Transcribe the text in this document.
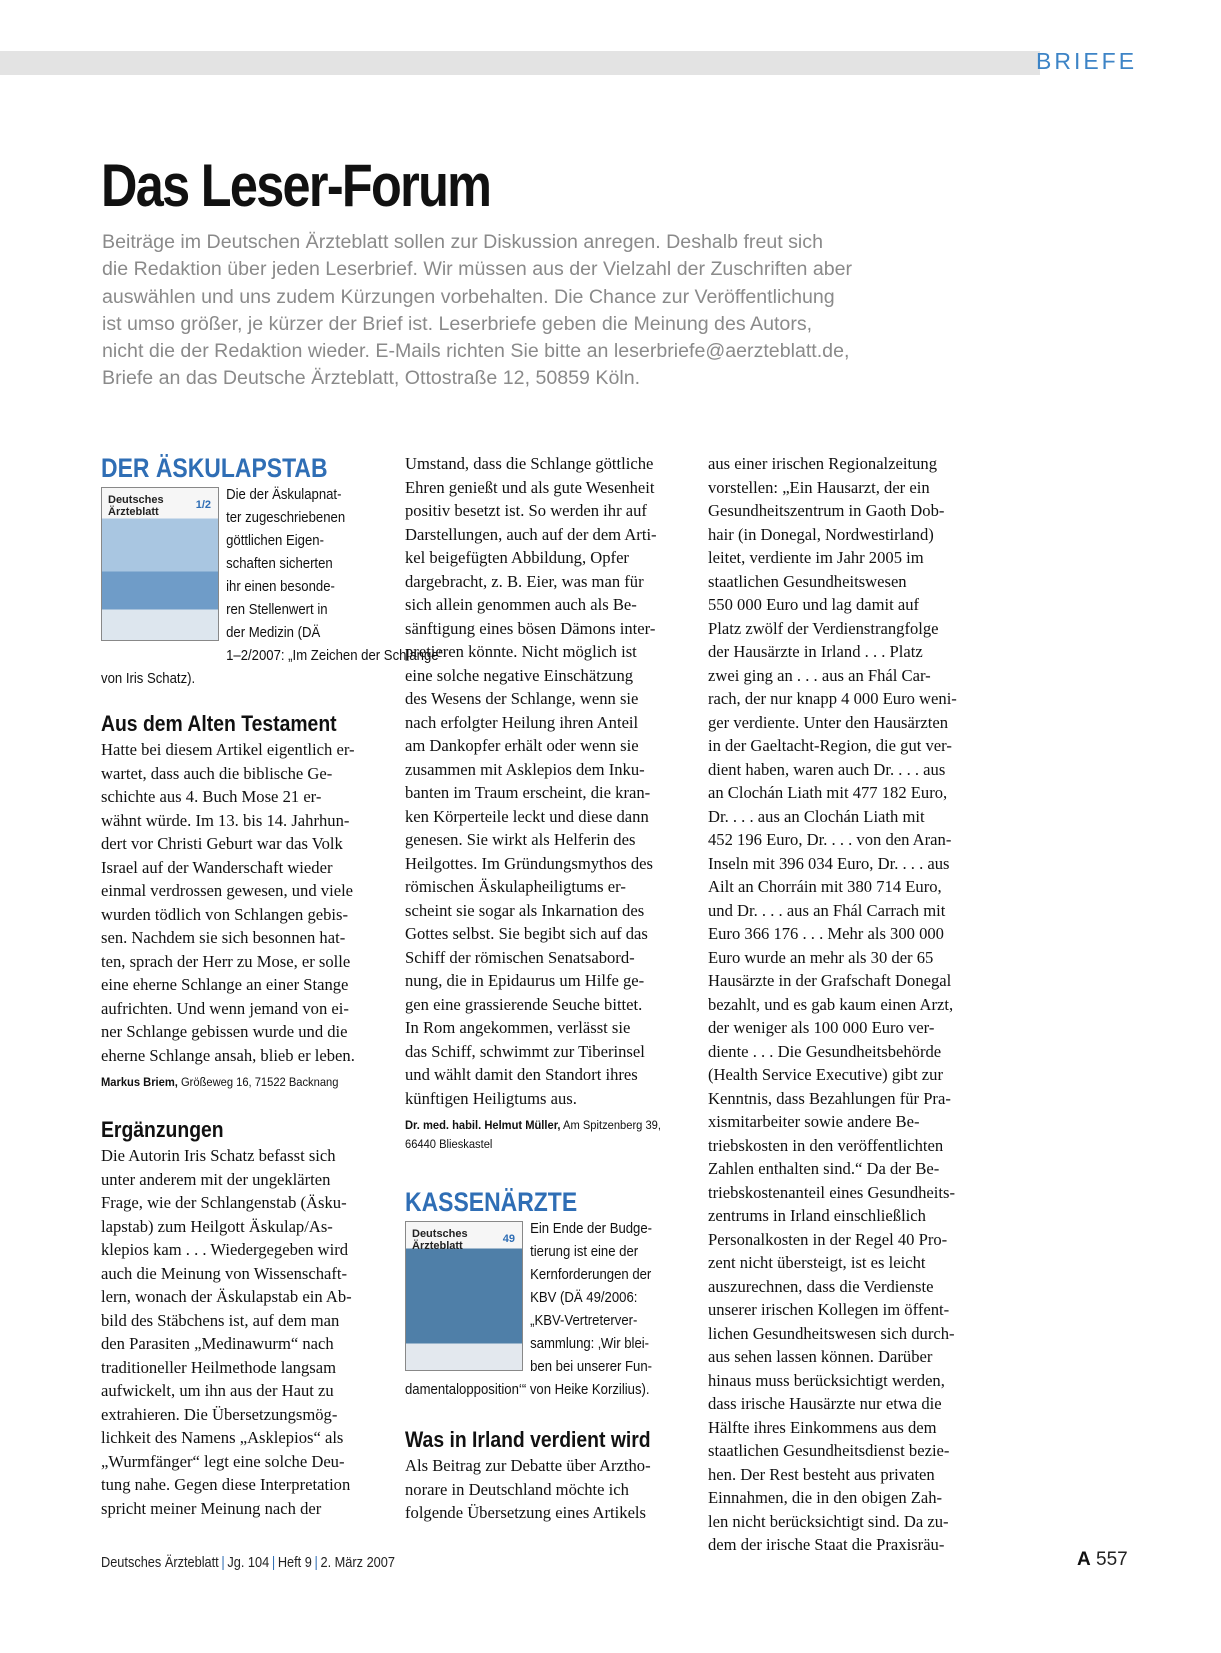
BRIEFE
Das Leser-Forum
Beiträge im Deutschen Ärzteblatt sollen zur Diskussion anregen. Deshalb freut sich
die Redaktion über jeden Leserbrief. Wir müssen aus der Vielzahl der Zuschriften aber
auswählen und uns zudem Kürzungen vorbehalten. Die Chance zur Veröffentlichung
ist umso größer, je kürzer der Brief ist. Leserbriefe geben die Meinung des Autors,
nicht die der Redaktion wieder. E-Mails richten Sie bitte an leserbriefe@aerzteblatt.de,
Briefe an das Deutsche Ärzteblatt, Ottostraße 12, 50859 Köln.
DER ÄSKULAPSTAB
Deutsches
Ärzteblatt
1/2
Die der Äskulapnat-
ter zugeschriebenen
göttlichen Eigen-
schaften sicherten
ihr einen besonde-
ren Stellenwert in
der Medizin (DÄ
1–2/2007: „Im Zeichen der Schlange“
von Iris Schatz).
Aus dem Alten Testament

Hatte bei diesem Artikel eigentlich er-
wartet, dass auch die biblische Ge-
schichte aus 4. Buch Mose 21 er-
wähnt würde. Im 13. bis 14. Jahrhun-
dert vor Christi Geburt war das Volk
Israel auf der Wanderschaft wieder
einmal verdrossen gewesen, und viele
wurden tödlich von Schlangen gebis-
sen. Nachdem sie sich besonnen hat-
ten, sprach der Herr zu Mose, er solle
eine eherne Schlange an einer Stange
aufrichten. Und wenn jemand von ei-
ner Schlange gebissen wurde und die
eherne Schlange ansah, blieb er leben.

Markus Briem, Größeweg 16, 71522 Backnang
Ergänzungen

Die Autorin Iris Schatz befasst sich
unter anderem mit der ungeklärten
Frage, wie der Schlangenstab (Äsku-
lapstab) zum Heilgott Äskulap/As-
klepios kam . . . Wiedergegeben wird
auch die Meinung von Wissenschaft-
lern, wonach der Äskulapstab ein Ab-
bild des Stäbchens ist, auf dem man
den Parasiten „Medinawurm“ nach
traditioneller Heilmethode langsam
aufwickelt, um ihn aus der Haut zu
extrahieren. Die Übersetzungsmög-
lichkeit des Namens „Asklepios“ als
„Wurmfänger“ legt eine solche Deu-
tung nahe. Gegen diese Interpretation
spricht meiner Meinung nach der

Umstand, dass die Schlange göttliche
Ehren genießt und als gute Wesenheit
positiv besetzt ist. So werden ihr auf
Darstellungen, auch auf der dem Arti-
kel beigefügten Abbildung, Opfer
dargebracht, z. B. Eier, was man für
sich allein genommen auch als Be-
sänftigung eines bösen Dämons inter-
pretieren könnte. Nicht möglich ist
eine solche negative Einschätzung
des Wesens der Schlange, wenn sie
nach erfolgter Heilung ihren Anteil
am Dankopfer erhält oder wenn sie
zusammen mit Asklepios dem Inku-
banten im Traum erscheint, die kran-
ken Körperteile leckt und diese dann
genesen. Sie wirkt als Helferin des
Heilgottes. Im Gründungsmythos des
römischen Äskulapheiligtums er-
scheint sie sogar als Inkarnation des
Gottes selbst. Sie begibt sich auf das
Schiff der römischen Senatsabord-
nung, die in Epidaurus um Hilfe ge-
gen eine grassierende Seuche bittet.
In Rom angekommen, verlässt sie
das Schiff, schwimmt zur Tiberinsel
und wählt damit den Standort ihres
künftigen Heiligtums aus.

Dr. med. habil. Helmut Müller, Am Spitzenberg 39,
66440 Blieskastel
KASSENÄRZTE
Deutsches
Ärzteblatt
49
Ein Ende der Budge-
tierung ist eine der
Kernforderungen der
KBV (DÄ 49/2006:
„KBV-Vertreterver-
sammlung: ‚Wir blei-
ben bei unserer Fun-
damentalopposition‘“ von Heike Korzilius).
Was in Irland verdient wird

Als Beitrag zur Debatte über Arztho-
norare in Deutschland möchte ich
folgende Übersetzung eines Artikels

aus einer irischen Regionalzeitung
vorstellen: „Ein Hausarzt, der ein
Gesundheitszentrum in Gaoth Dob-
hair (in Donegal, Nordwestirland)
leitet, verdiente im Jahr 2005 im
staatlichen Gesundheitswesen
550 000 Euro und lag damit auf
Platz zwölf der Verdienstrangfolge
der Hausärzte in Irland . . . Platz
zwei ging an . . . aus an Fhál Car-
rach, der nur knapp 4 000 Euro weni-
ger verdiente. Unter den Hausärzten
in der Gaeltacht-Region, die gut ver-
dient haben, waren auch Dr. . . . aus
an Clochán Liath mit 477 182 Euro,
Dr. . . . aus an Clochán Liath mit
452 196 Euro, Dr. . . . von den Aran-
Inseln mit 396 034 Euro, Dr. . . . aus
Ailt an Chorráin mit 380 714 Euro,
und Dr. . . . aus an Fhál Carrach mit
Euro 366 176 . . . Mehr als 300 000
Euro wurde an mehr als 30 der 65
Hausärzte in der Grafschaft Donegal
bezahlt, und es gab kaum einen Arzt,
der weniger als 100 000 Euro ver-
diente . . . Die Gesundheitsbehörde
(Health Service Executive) gibt zur
Kenntnis, dass Bezahlungen für Pra-
xismitarbeiter sowie andere Be-
triebskosten in den veröffentlichten
Zahlen enthalten sind.“ Da der Be-
triebskostenanteil eines Gesundheits-
zentrums in Irland einschließlich
Personalkosten in der Regel 40 Pro-
zent nicht übersteigt, ist es leicht
auszurechnen, dass die Verdienste
unserer irischen Kollegen im öffent-
lichen Gesundheitswesen sich durch-
aus sehen lassen können. Darüber
hinaus muss berücksichtigt werden,
dass irische Hausärzte nur etwa die
Hälfte ihres Einkommens aus dem
staatlichen Gesundheitsdienst bezie-
hen. Der Rest besteht aus privaten
Einnahmen, die in den obigen Zah-
len nicht berücksichtigt sind. Da zu-
dem der irische Staat die Praxisräu-

Deutsches Ärzteblatt | Jg. 104 | Heft 9 | 2. März 2007	A 557
